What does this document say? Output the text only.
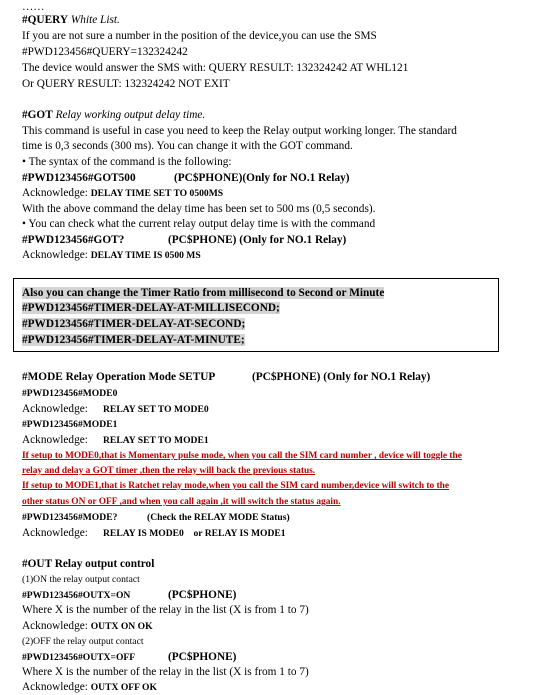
……
#QUERY White List.
If you are not sure a number in the position of the device,you can use the SMS
#PWD123456#QUERY=132324242
The device would answer the SMS with: QUERY RESULT: 132324242 AT WHL121
Or QUERY RESULT: 132324242 NOT EXIT
#GOT Relay working output delay time.
This command is useful in case you need to keep the Relay output working longer. The standard
time is 0,3 seconds (300 ms). You can change it with the GOT command.
• The syntax of the command is the following:
#PWD123456#GOT500	(PC$PHONE)(Only for NO.1 Relay)
Acknowledge: DELAY TIME SET TO 0500MS
With the above command the delay time has been set to 500 ms (0,5 seconds).
• You can check what the current relay output delay time is with the command
#PWD123456#GOT?	(PC$PHONE) (Only for NO.1 Relay)
Acknowledge: DELAY TIME IS 0500 MS
Also you can change the Timer Ratio from millisecond to Second or Minute
#PWD123456#TIMER-DELAY-AT-MILLISECOND;
#PWD123456#TIMER-DELAY-AT-SECOND;
#PWD123456#TIMER-DELAY-AT-MINUTE;
#MODE Relay Operation Mode SETUP	(PC$PHONE) (Only for NO.1 Relay)
#PWD123456#MODE0
Acknowledge: RELAY SET TO MODE0
#PWD123456#MODE1
Acknowledge: RELAY SET TO MODE1
If setup to MODE0,that is Momentary pulse mode, when you call the SIM card number , device will toggle the
relay and delay a GOT timer ,then the relay will back the previous status.
If setup to MODE1,that is Ratchet relay mode,when you call the SIM card number,device will switch to the
other status ON or OFF ,and when you call again ,it will switch the status again.
#PWD123456#MODE?	(Check the RELAY MODE Status)
Acknowledge: RELAY IS MODE0    or RELAY IS MODE1
#OUT Relay output control
(1)ON the relay output contact
#PWD123456#OUTX=ON	(PC$PHONE)
Where X is the number of the relay in the list (X is from 1 to 7)
Acknowledge: OUTX ON OK
(2)OFF the relay output contact
#PWD123456#OUTX=OFF	(PC$PHONE)
Where X is the number of the relay in the list (X is from 1 to 7)
Acknowledge: OUTX OFF OK
